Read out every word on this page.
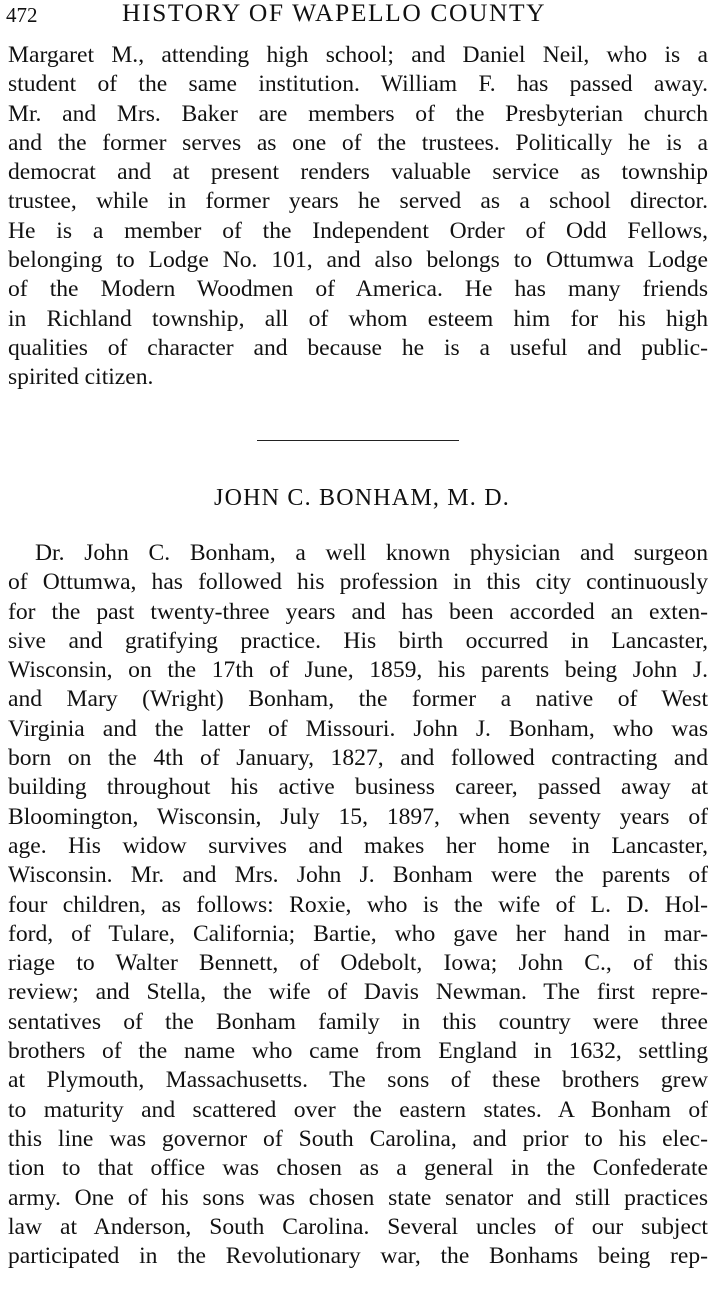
472	HISTORY OF WAPELLO COUNTY
Margaret M., attending high school; and Daniel Neil, who is a
student of the same institution. William F. has passed away.
Mr. and Mrs. Baker are members of the Presbyterian church
and the former serves as one of the trustees. Politically he is a
democrat and at present renders valuable service as township
trustee, while in former years he served as a school director.
He is a member of the Independent Order of Odd Fellows,
belonging to Lodge No. 101, and also belongs to Ottumwa Lodge
of the Modern Woodmen of America. He has many friends
in Richland township, all of whom esteem him for his high
qualities of character and because he is a useful and public-
spirited citizen.
JOHN C. BONHAM, M. D.
Dr. John C. Bonham, a well known physician and surgeon
of Ottumwa, has followed his profession in this city continuously
for the past twenty-three years and has been accorded an exten-
sive and gratifying practice. His birth occurred in Lancaster,
Wisconsin, on the 17th of June, 1859, his parents being John J.
and Mary (Wright) Bonham, the former a native of West
Virginia and the latter of Missouri. John J. Bonham, who was
born on the 4th of January, 1827, and followed contracting and
building throughout his active business career, passed away at
Bloomington, Wisconsin, July 15, 1897, when seventy years of
age. His widow survives and makes her home in Lancaster,
Wisconsin. Mr. and Mrs. John J. Bonham were the parents of
four children, as follows: Roxie, who is the wife of L. D. Hol-
ford, of Tulare, California; Bartie, who gave her hand in mar-
riage to Walter Bennett, of Odebolt, Iowa; John C., of this
review; and Stella, the wife of Davis Newman. The first repre-
sentatives of the Bonham family in this country were three
brothers of the name who came from England in 1632, settling
at Plymouth, Massachusetts. The sons of these brothers grew
to maturity and scattered over the eastern states. A Bonham of
this line was governor of South Carolina, and prior to his elec-
tion to that office was chosen as a general in the Confederate
army. One of his sons was chosen state senator and still practices
law at Anderson, South Carolina. Several uncles of our subject
participated in the Revolutionary war, the Bonhams being rep-
